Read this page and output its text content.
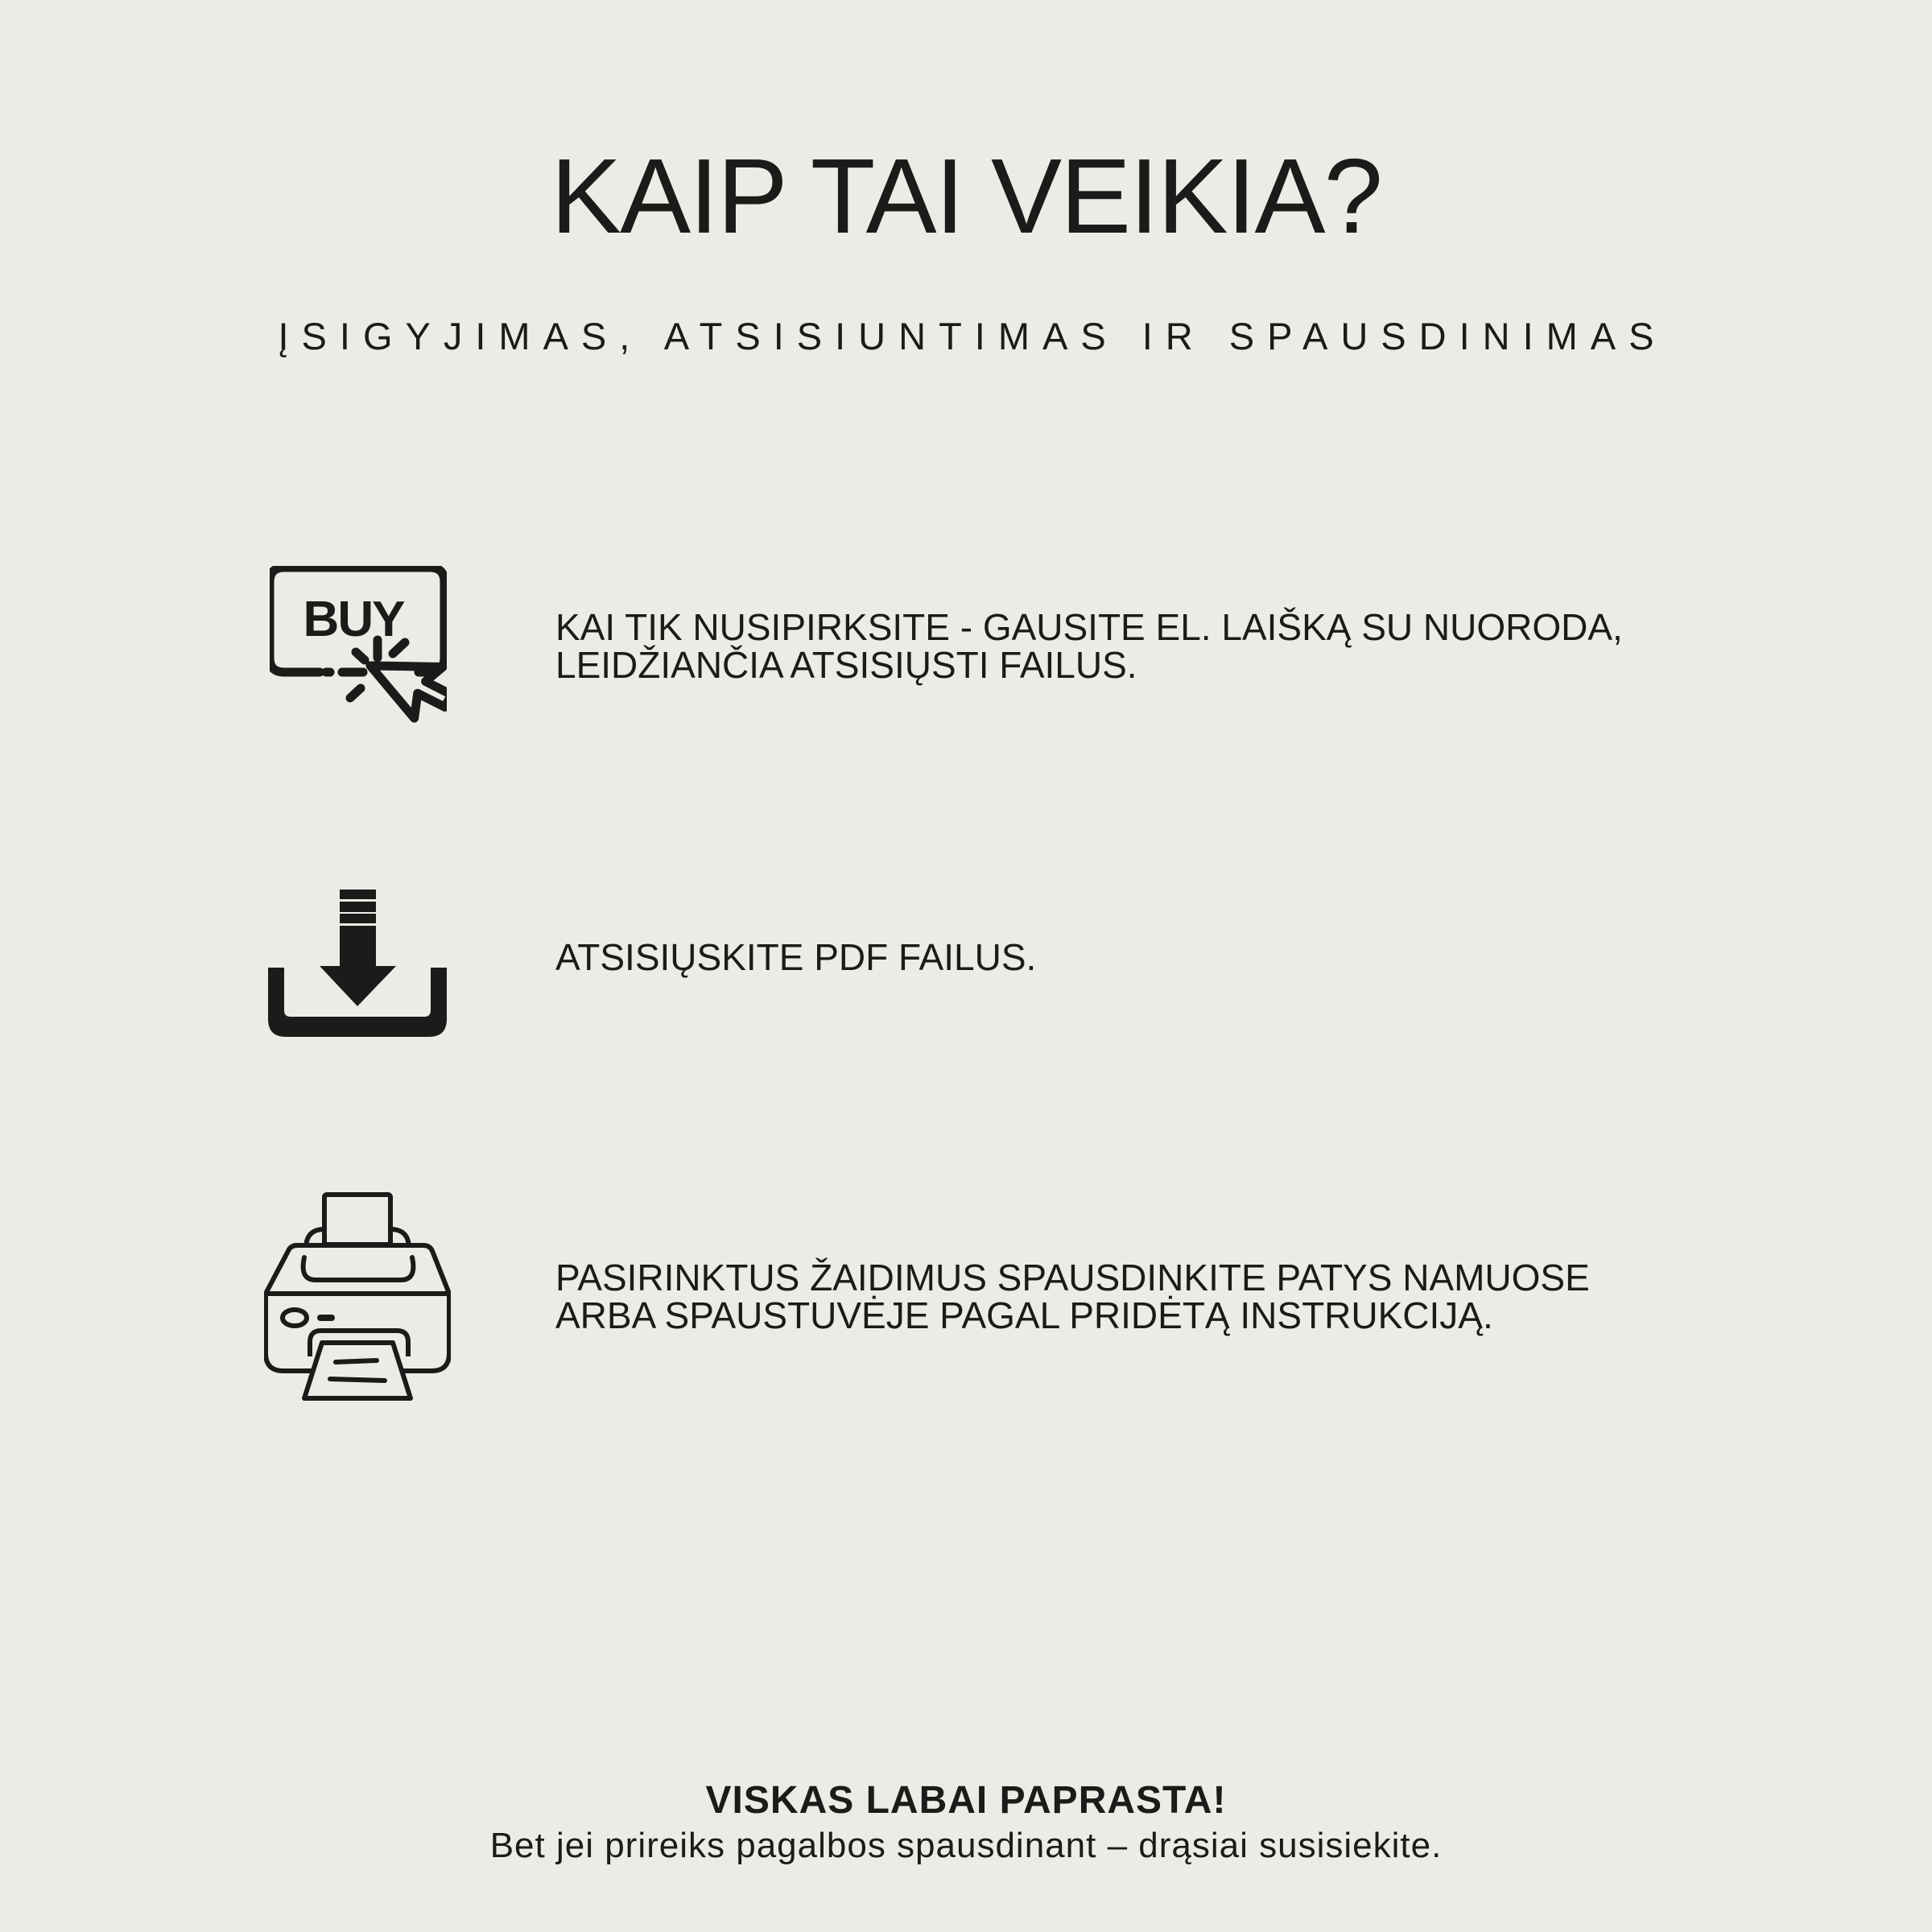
KAIP TAI VEIKIA?
ĮSIGYJIMAS, ATSISIUNTIMAS IR SPAUSDINIMAS
BUY	KAI TIK NUSIPIRKSITE - GAUSITE EL. LAIŠKĄ SU NUORODA,
LEIDŽIANČIA ATSISIŲSTI FAILUS.
ATSISIŲSKITE PDF FAILUS.
PASIRINKTUS ŽAIDIMUS SPAUSDINKITE PATYS NAMUOSE
ARBA SPAUSTUVĖJE PAGAL PRIDĖTĄ INSTRUKCIJĄ.
VISKAS LABAI PAPRASTA!
Bet jei prireiks pagalbos spausdinant – drąsiai susisiekite.
